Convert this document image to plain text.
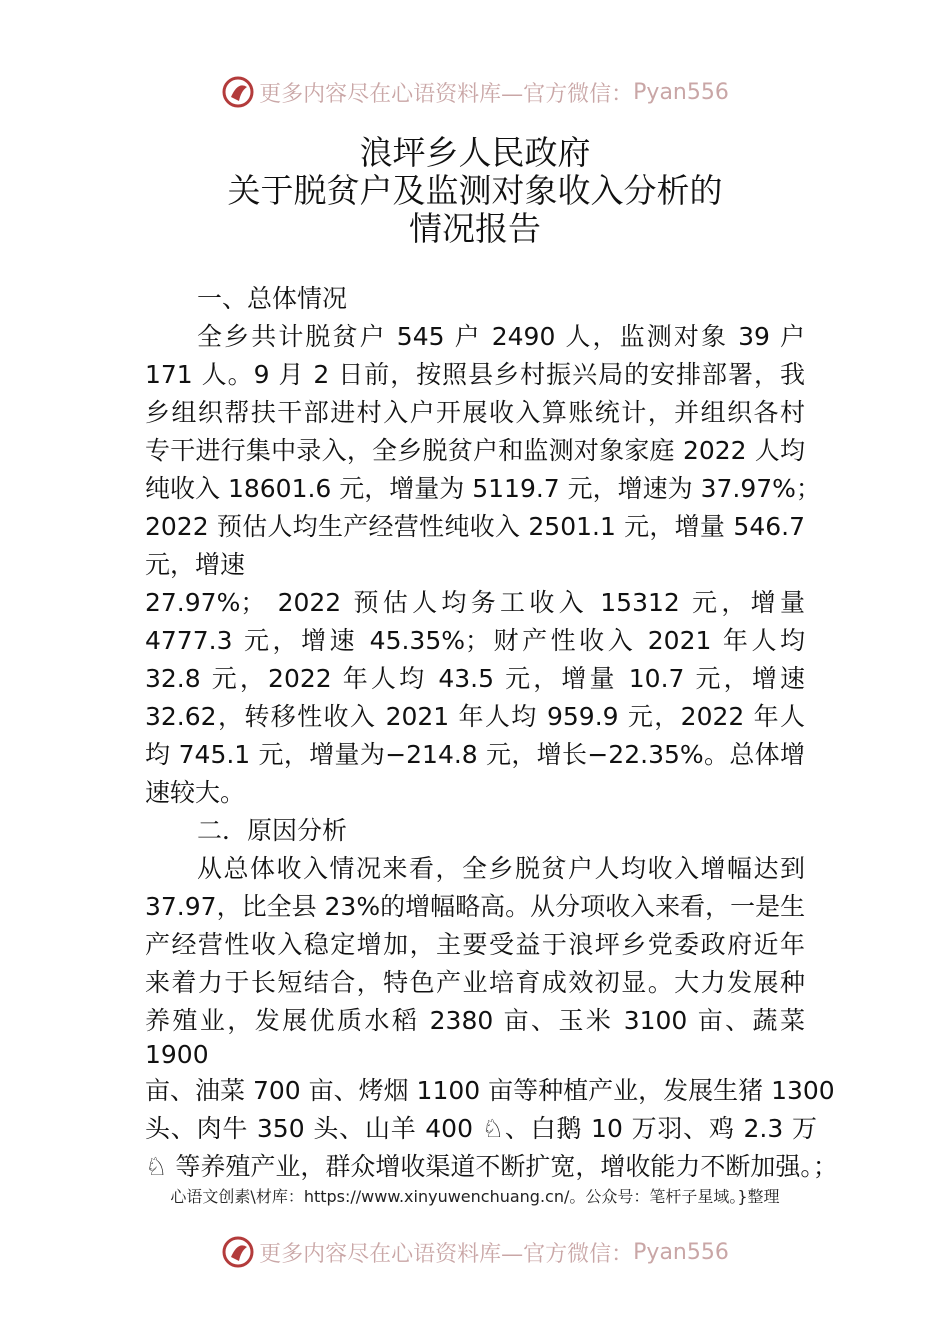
更多内容尽在心语资料库—官方微信： Pyan556
浪坪乡人民政府
关于脱贫户及监测对象收入分析的
情况报告
一、总体情况
全乡共计脱贫户 545 户 2490 人，监测对象 39 户
171 人。9 月 2 日前，按照县乡村振兴局的安排部署，我
乡组织帮扶干部进村入户开展收入算账统计，并组织各村
专干进行集中录入，全乡脱贫户和监测对象家庭 2022 人均
纯收入 18601.6 元，增量为 5119.7 元，增速为 37.97%；
2022 预估人均生产经营性纯收入 2501.1 元，增量 546.7
元，增速
27.97%； 2022 预估人均务工收入 15312 元，增量
4777.3 元，增速 45.35%；财产性收入 2021 年人均
32.8 元，2022 年人均 43.5 元，增量 10.7 元，增速
32.62，转移性收入 2021 年人均 959.9 元，2022 年人
均 745.1 元，增量为−214.8 元，增长−22.35%。总体增
速较大。
二．原因分析
从总体收入情况来看，全乡脱贫户人均收入增幅达到
37.97，比全县 23%的增幅略高。从分项收入来看，一是生
产经营性收入稳定增加，主要受益于浪坪乡党委政府近年
来着力于长短结合，特色产业培育成效初显。大力发展种
养殖业，发展优质水稻 2380 亩、玉米 3100 亩、蔬菜
1900
亩、油菜 700 亩、烤烟 1100 亩等种植产业，发展生猪 1300
头、肉牛 350 头、山羊 400 ♘、白鹅 10 万羽、鸡 2.3 万
♘ 等养殖产业，群众增收渠道不断扩宽，增收能力不断加强。；
心语文创素\材库：https://www.xinyuwenchuang.cn/。公众号：笔杆子星域。}整理
更多内容尽在心语资料库—官方微信： Pyan556
